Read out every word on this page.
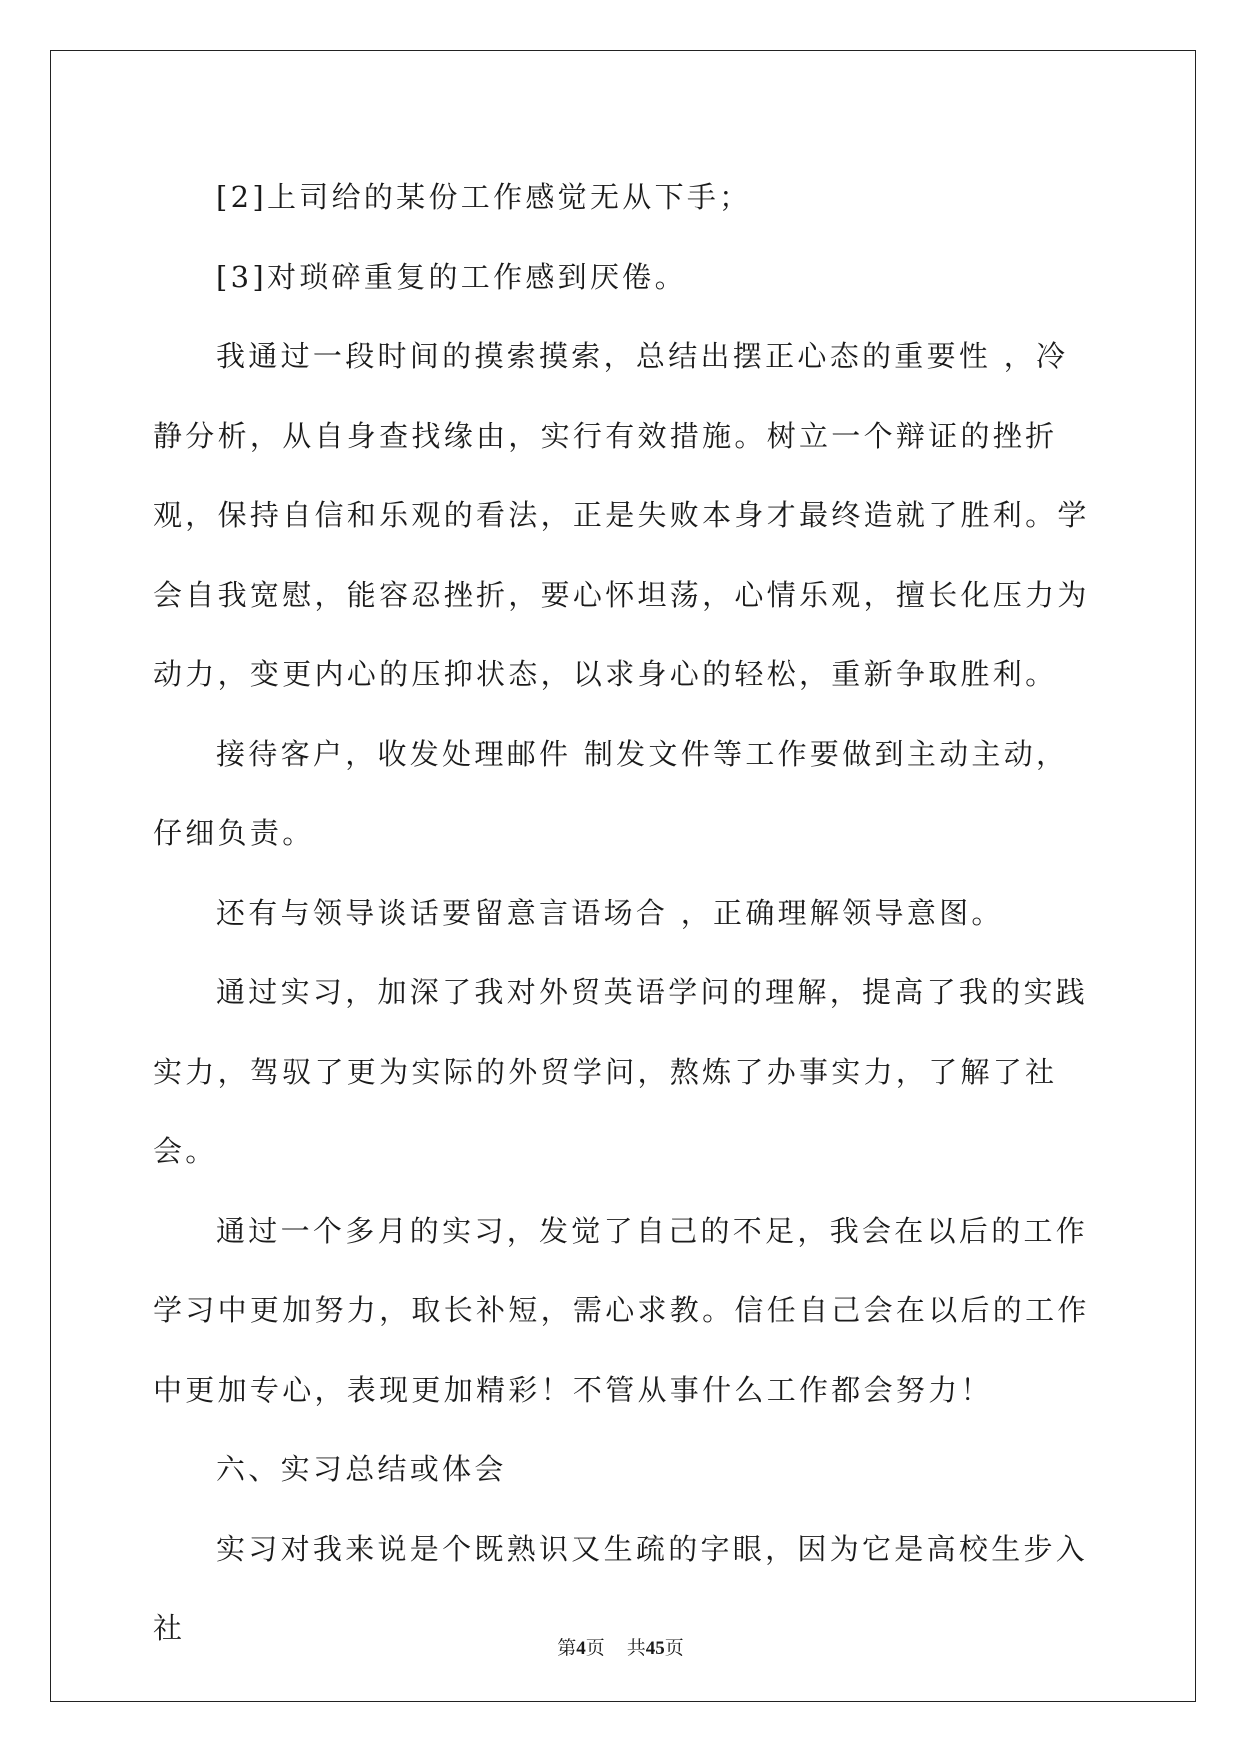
[2]上司给的某份工作感觉无从下手；

[3]对琐碎重复的工作感到厌倦。

我通过一段时间的摸索摸索，总结出摆正心态的重要性 ，冷静分析，从自身查找缘由，实行有效措施。树立一个辩证的挫折观，保持自信和乐观的看法，正是失败本身才最终造就了胜利。学会自我宽慰，能容忍挫折，要心怀坦荡，心情乐观，擅长化压力为动力，变更内心的压抑状态，以求身心的轻松，重新争取胜利。

接待客户，收发处理邮件 制发文件等工作要做到主动主动，仔细负责。

还有与领导谈话要留意言语场合 ，正确理解领导意图。

通过实习，加深了我对外贸英语学问的理解，提高了我的实践实力，驾驭了更为实际的外贸学问，熬炼了办事实力，了解了社会。

通过一个多月的实习，发觉了自己的不足，我会在以后的工作学习中更加努力，取长补短，需心求教。信任自己会在以后的工作中更加专心，表现更加精彩！不管从事什么工作都会努力！

六、实习总结或体会

实习对我来说是个既熟识又生疏的字眼，因为它是高校生步入社

第4页 共45页
